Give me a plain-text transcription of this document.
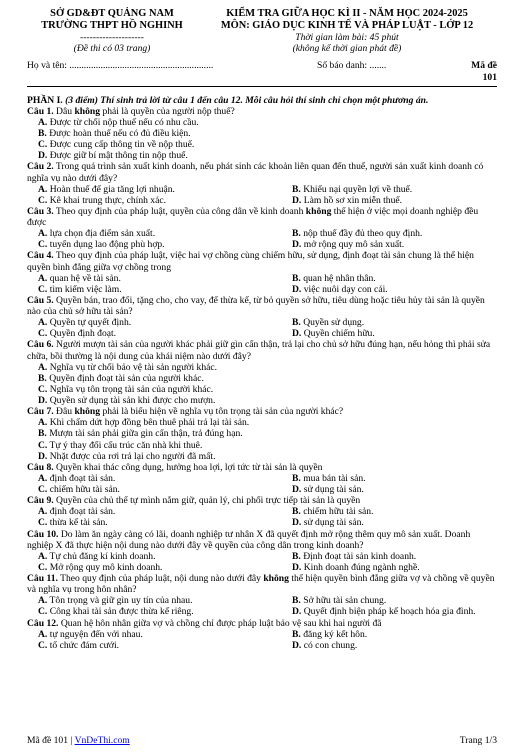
SỞ GD&ĐT QUẢNG NAM
TRƯỜNG THPT HỒ NGHINH
--------------------
(Đề thi có 03 trang)
KIỂM TRA GIỮA HỌC KÌ II - NĂM HỌC 2024-2025
MÔN: GIÁO DỤC KINH TẾ VÀ PHÁP LUẬT - LỚP 12
Thời gian làm bài: 45 phút
(không kể thời gian phát đề)
Họ và tên: ............................................................	Số báo danh: .......	Mã đề 101
PHẦN I. (3 điểm) Thí sinh trả lời từ câu 1 đến câu 12. Mỗi câu hỏi thí sinh chỉ chọn một phương án.
Câu 1. Dâu không phải là quyền của người nộp thuế?
A. Được từ chối nộp thuế nếu có nhu cầu.
B. Được hoàn thuế nếu có đủ điều kiện.
C. Được cung cấp thông tin về nộp thuế.
D. Được giữ bí mật thông tin nộp thuế.
Câu 2. Trong quá trình sản xuất kinh doanh, nếu phát sinh các khoản liên quan đến thuế, người sản xuất kinh doanh có nghĩa vụ nào dưới đây?
A. Hoàn thuế để gia tăng lợi nhuận.	B. Khiếu nại quyền lợi về thuế.
C. Kê khai trung thực, chính xác.	D. Làm hồ sơ xin miễn thuế.
Câu 3. Theo quy định của pháp luật, quyền của công dân về kinh doanh không thể hiện ở việc mọi doanh nghiệp đều được
A. lựa chọn địa điểm sản xuất.	B. nộp thuế đầy đủ theo quy định.
C. tuyển dụng lao động phù hợp.	D. mở rộng quy mô sản xuất.
Câu 4. Theo quy định của pháp luật, việc hai vợ chồng cùng chiếm hữu, sử dụng, định đoạt tài sản chung là thể hiện quyền bình đẳng giữa vợ chồng trong
A. quan hệ về tài sản.	B. quan hệ nhân thân.
C. tìm kiếm việc làm.	D. việc nuôi dạy con cái.
Câu 5. Quyền bán, trao đổi, tặng cho, cho vay, để thừa kế, từ bỏ quyền sở hữu, tiêu dùng hoặc tiêu hủy tài sản là quyền nào của chủ sở hữu tài sản?
A. Quyền tự quyết định.	B. Quyền sử dụng.
C. Quyền định đoạt.	D. Quyền chiếm hữu.
Câu 6. Người mượn tài sản của người khác phải giữ gìn cẩn thận, trả lại cho chủ sở hữu đúng hạn, nếu hỏng thì phải sửa chữa, bồi thường là nội dung của khái niệm nào dưới đây?
A. Nghĩa vụ từ chối bảo vệ tài sản người khác.
B. Quyền định đoạt tài sản của người khác.
C. Nghĩa vụ tôn trọng tài sản của người khác.
D. Quyền sử dụng tài sản khi được cho mượn.
Câu 7. Đâu không phải là biểu hiện về nghĩa vụ tôn trọng tài sản của người khác?
A. Khi chấm dứt hợp đồng bên thuê phải trả lại tài sản.
B. Mượn tài sản phải giữa gìn cẩn thận, trả đúng hạn.
C. Tự ý thay đổi cấu trúc căn nhà khi thuê.
D. Nhặt được của rơi trả lại cho người đã mất.
Câu 8. Quyền khai thác công dụng, hưởng hoa lợi, lợi tức từ tài sản là quyền
A. định đoạt tài sản.	B. mua bán tài sản.
C. chiếm hữu tài sản.	D. sử dụng tài sản.
Câu 9. Quyền của chủ thể tự mình nắm giữ, quản lý, chi phối trực tiếp tài sản là quyền
A. định đoạt tài sản.	B. chiếm hữu tài sản.
C. thừa kế tài sản.	D. sử dụng tài sản.
Câu 10. Do làm ăn ngày càng có lãi, doanh nghiệp tư nhân X đã quyết định mở rộng thêm quy mô sản xuất. Doanh nghiệp X đã thực hiện nội dung nào dưới đây về quyền của công dân trong kinh doanh?
A. Tự chủ đăng kí kinh doanh.	B. Định đoạt tài sản kinh doanh.
C. Mở rộng quy mô kinh doanh.	D. Kinh doanh đúng ngành nghề.
Câu 11. Theo quy định của pháp luật, nội dung nào dưới đây không thể hiện quyền bình đẳng giữa vợ và chồng về quyền và nghĩa vụ trong hôn nhân?
A. Tôn trọng và giữ gìn uy tín của nhau.	B. Sở hữu tài sản chung.
C. Công khai tài sản được thừa kế riêng.	D. Quyết định biện pháp kế hoạch hóa gia đình.
Câu 12. Quan hệ hôn nhân giữa vợ và chồng chỉ được pháp luật bảo vệ sau khi hai người đã
A. tự nguyện đến với nhau.	B. đăng ký kết hôn.
C. tổ chức đám cưới.	D. có con chung.
Mã đề 101 | VnDeThi.com	Trang 1/3
